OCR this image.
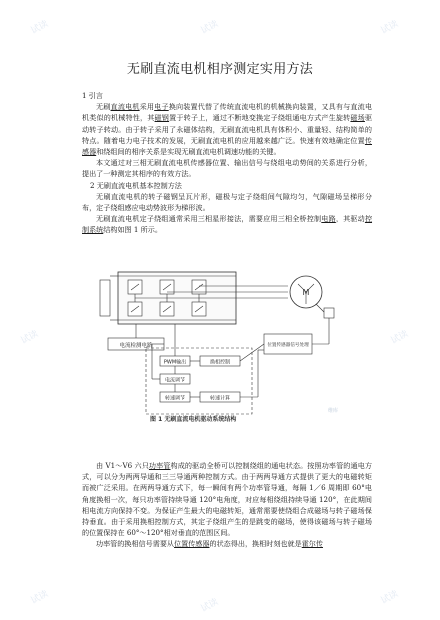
无刷直流电机相序测定实用方法

1 引言

无刷直流电机采用电子换向装置代替了传统直流电机的机械换向装置，又具有与直流电机类似的机械特性，其磁钢置于转子上，通过不断地变换定子绕组通电方式产生旋转磁场驱动转子转动。由于转子采用了永磁体结构，无刷直流电机具有体积小、重量轻、结构简单的特点。随着电力电子技术的发展，无刷直流电机的应用越来越广泛。快速有效地确定位置传感器和绕组间的相序关系是实现无刷直流电机调速功能的关键。

本文通过对三相无刷直流电机传感器位置、输出信号与绕组电动势间的关系进行分析，提出了一种测定其相序的有效方法。

2 无刷直流电机基本控制方法

无刷直流电机的转子磁钢呈瓦片形，磁极与定子绕组间气隙均匀，气隙磁场呈梯形分布，定子绕组感应电动势波形为梯形波。

无刷直流电机定子绕组通常采用三相星形接法，需要应用三相全桥控制电路，其驱动控制系统结构如图 1 所示。

M
电流检测电路	位置传感器信号处理
PWM输出	换相控制
电流调节
转速调节	转速计算
维库
图 1 无刷直流电机驱动系统结构

由 V1～V6 六只功率管构成的驱动全桥可以控制绕组的通电状态。按照功率管的通电方式，可以分为两两导通和三三导通两种控制方式。由于两两导通方式提供了更大的电磁转矩而被广泛采用。在两两导通方式下，每一瞬间有两个功率管导通，每隔 1／6 周期即 60°电角度换相一次，每只功率管持续导通 120°电角度，对应每相绕组持续导通 120°，在此期间相电流方向保持不变。为保证产生最大的电磁转矩，通常需要使绕组合成磁场与转子磁场保持垂直。由于采用换相控制方式，其定子绕组产生的是跳变的磁场，使得该磁场与转子磁场的位置保持在 60°～120°相对垂直的范围区间。

功率管的换相信号需要从位置传感器的状态得出，换相时刻也就是霍尔传

试读	试读	试读
试读	试读
试读	试读	试读
